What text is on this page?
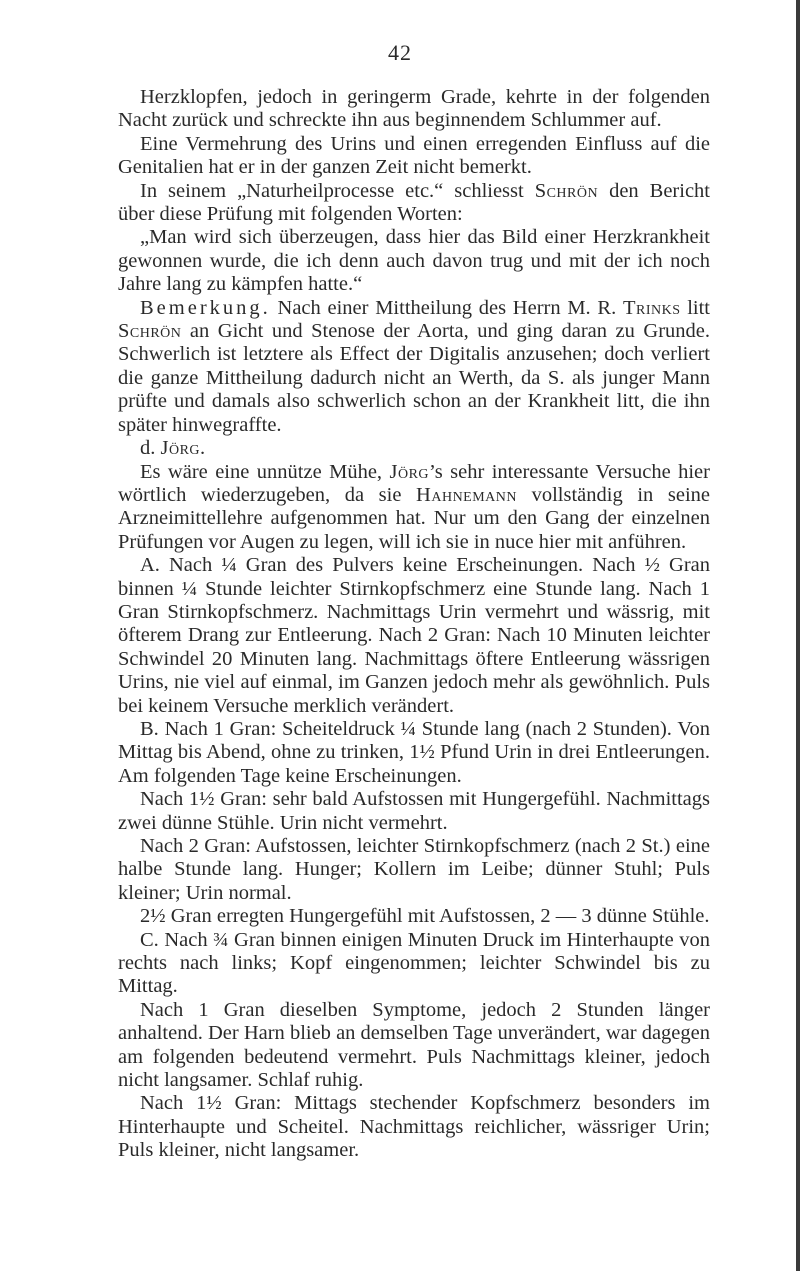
42

Herzklopfen, jedoch in geringerm Grade, kehrte in der folgenden Nacht zurück und schreckte ihn aus beginnendem Schlummer auf.

Eine Vermehrung des Urins und einen erregenden Einfluss auf die Genitalien hat er in der ganzen Zeit nicht bemerkt.

In seinem „Naturheilprocesse etc.“ schliesst Schrön den Bericht über diese Prüfung mit folgenden Worten:

„Man wird sich überzeugen, dass hier das Bild einer Herzkrankheit gewonnen wurde, die ich denn auch davon trug und mit der ich noch Jahre lang zu kämpfen hatte.“

Bemerkung. Nach einer Mittheilung des Herrn M. R. Trinks litt Schrön an Gicht und Stenose der Aorta, und ging daran zu Grunde. Schwerlich ist letztere als Effect der Digitalis anzusehen; doch verliert die ganze Mittheilung dadurch nicht an Werth, da S. als junger Mann prüfte und damals also schwerlich schon an der Krankheit litt, die ihn später hinwegraffte.

d. Jörg.

Es wäre eine unnütze Mühe, Jörg’s sehr interessante Versuche hier wörtlich wiederzugeben, da sie Hahnemann vollständig in seine Arzneimittellehre aufgenommen hat. Nur um den Gang der einzelnen Prüfungen vor Augen zu legen, will ich sie in nuce hier mit anführen.

A. Nach ¼ Gran des Pulvers keine Erscheinungen. Nach ½ Gran binnen ¼ Stunde leichter Stirnkopfschmerz eine Stunde lang. Nach 1 Gran Stirnkopfschmerz. Nachmittags Urin vermehrt und wässrig, mit öfterem Drang zur Entleerung. Nach 2 Gran: Nach 10 Minuten leichter Schwindel 20 Minuten lang. Nachmittags öftere Entleerung wässrigen Urins, nie viel auf einmal, im Ganzen jedoch mehr als gewöhnlich. Puls bei keinem Versuche merklich verändert.

B. Nach 1 Gran: Scheiteldruck ¼ Stunde lang (nach 2 Stunden). Von Mittag bis Abend, ohne zu trinken, 1½ Pfund Urin in drei Entleerungen. Am folgenden Tage keine Erscheinungen.

Nach 1½ Gran: sehr bald Aufstossen mit Hungergefühl. Nachmittags zwei dünne Stühle. Urin nicht vermehrt.

Nach 2 Gran: Aufstossen, leichter Stirnkopfschmerz (nach 2 St.) eine halbe Stunde lang. Hunger; Kollern im Leibe; dünner Stuhl; Puls kleiner; Urin normal.

2½ Gran erregten Hungergefühl mit Aufstossen, 2 — 3 dünne Stühle.

C. Nach ¾ Gran binnen einigen Minuten Druck im Hinterhaupte von rechts nach links; Kopf eingenommen; leichter Schwindel bis zu Mittag.

Nach 1 Gran dieselben Symptome, jedoch 2 Stunden länger anhaltend. Der Harn blieb an demselben Tage unverändert, war dagegen am folgenden bedeutend vermehrt. Puls Nachmittags kleiner, jedoch nicht langsamer. Schlaf ruhig.

Nach 1½ Gran: Mittags stechender Kopfschmerz besonders im Hinterhaupte und Scheitel. Nachmittags reichlicher, wässriger Urin; Puls kleiner, nicht langsamer.
